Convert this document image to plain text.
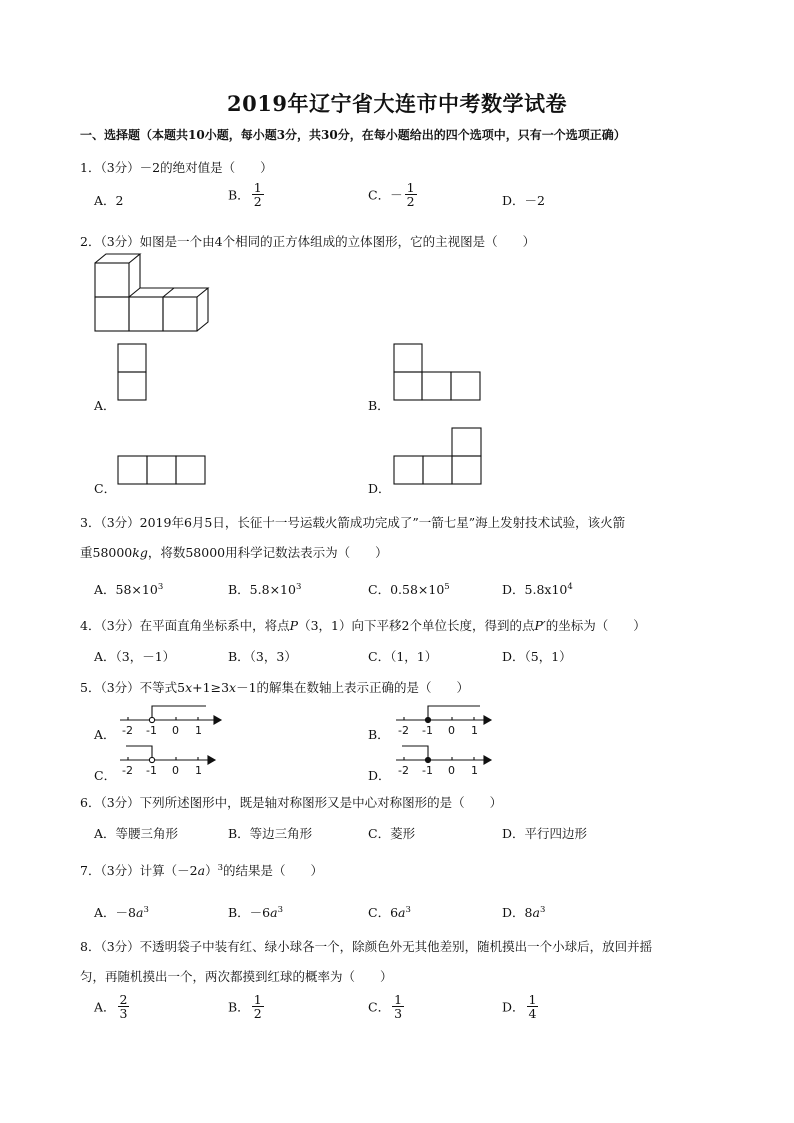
2019年辽宁省大连市中考数学试卷
一、选择题（本题共10小题，每小题3分，共30分，在每小题给出的四个选项中，只有一个选项正确）
1．（3分）－2的绝对值是（　　）
A．2	B． $\frac{1}{2}$	C．－ $\frac{1}{2}$	D．－2
2．（3分）如图是一个由4个相同的正方体组成的立体图形，它的主视图是（　　）
A．	B．
C．	D．
3．（3分）2019年6月5日，长征十一号运载火箭成功完成了”一箭七星”海上发射技术试验，该火箭
重58000kg，将数58000用科学记数法表示为（　　）
A．$58\times 10^3$	B．$5.8\times 10^3$	C．$0.58\times 10^5$	D．$5.8x10^4$
4．（3分）在平面直角坐标系中，将点P（3，1）向下平移2个单位长度，得到的点P′的坐标为（　　）
A．（3，－1）	B．（3，3）	C．（1，1）	D．（5，1）
5．（3分）不等式5x+1≥3x－1的解集在数轴上表示正确的是（　　）
A．	B．
C．	D．
-2 -1 0 1	-2 -1 0 1
-2 -1 0 1	-2 -1 0 1
6．（3分）下列所述图形中，既是轴对称图形又是中心对称图形的是（　　）
A．等腰三角形	B．等边三角形	C．菱形	D．平行四边形
7．（3分）计算$(-2a)^3$的结果是（　　）
A．$-8a^3$	B．$-6a^3$	C．$6a^3$	D．$8a^3$
8．（3分）不透明袋子中装有红、绿小球各一个，除颜色外无其他差别，随机摸出一个小球后，放回并摇
匀，再随机摸出一个，两次都摸到红球的概率为（　　）
A． $\frac{2}{3}$	B． $\frac{1}{2}$	C． $\frac{1}{3}$	D． $\frac{1}{4}$
